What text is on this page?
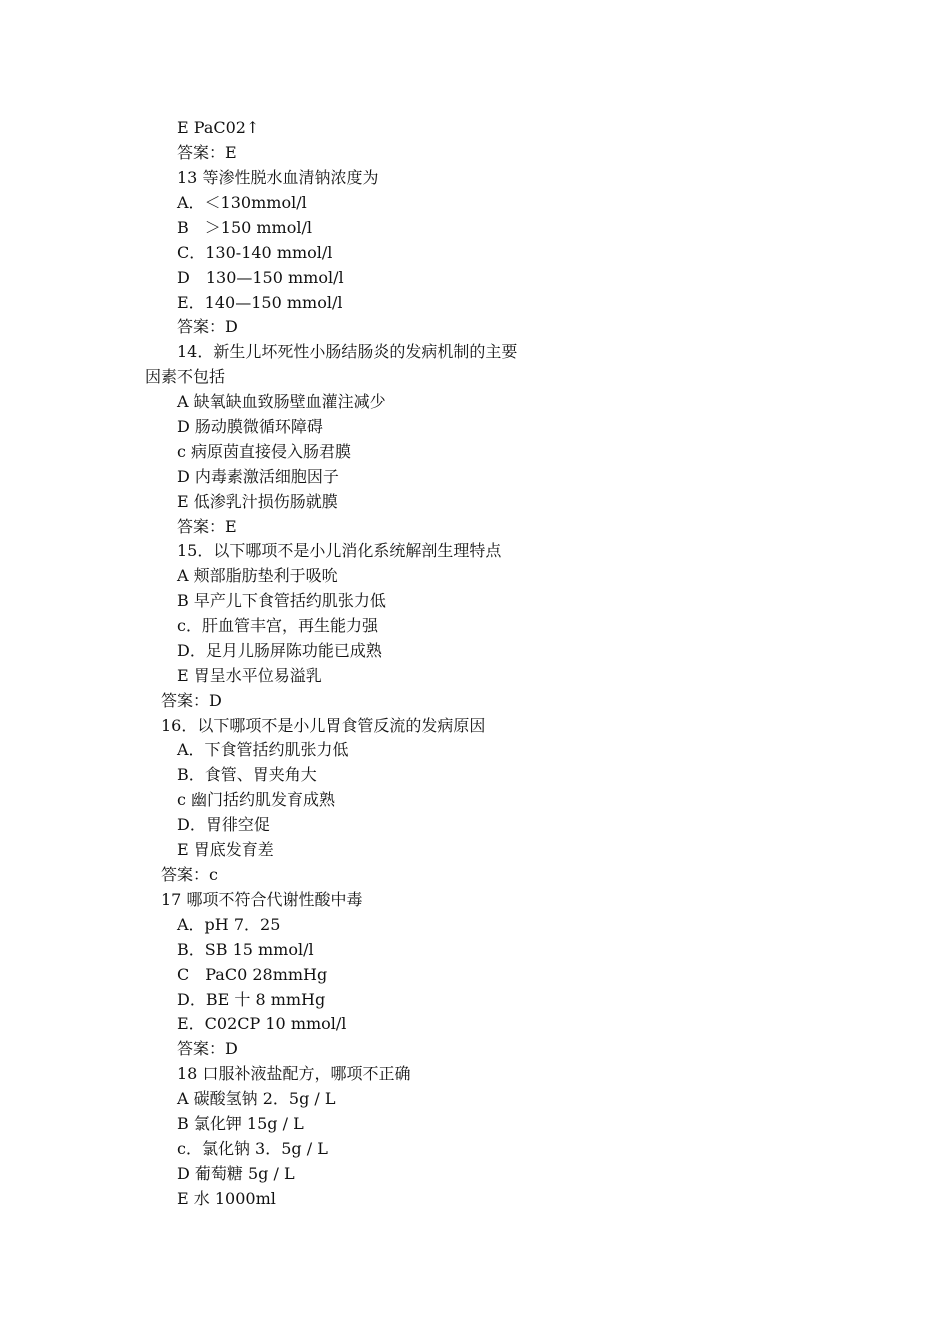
E PaC02↑
答案：E
13 等渗性脱水血清钠浓度为
A．＜130mmol/l
B　＞150 mmol/l
C．130-140 mmol/l
D　130—150 mmol/l
E．140—150 mmol/l
答案：D
14．新生儿坏死性小肠结肠炎的发病机制的主要
因素不包括
A 缺氧缺血致肠壁血灌注减少
D 肠动膜微循环障碍
c 病原茵直接侵入肠君膜
D 内毒素激活细胞因子
E 低渗乳汁损伤肠就膜
答案：E
15．以下哪项不是小儿消化系统解剖生理特点
A 颊部脂肪垫利于吸吮
B 早产儿下食管括约肌张力低
c．肝血管丰宫，再生能力强
D．足月儿肠屏陈功能已成熟
E 胃呈水平位易溢乳
答案：D
16．以下哪项不是小儿胃食管反流的发病原因
A．下食管括约肌张力低
B．食管、胃夹角大
c 幽门括约肌发育成熟
D．胃徘空促
E 胃底发育差
答案：c
17 哪项不符合代谢性酸中毒
A．pH 7．25
B．SB 15 mmol/l
C　PaC0 28mmHg
D．BE 十 8 mmHg
E．C02CP 10 mmol/l
答案：D
18 口服补液盐配方，哪项不正确
A 碳酸氢钠 2．5g / L
B 氯化钾 15g / L
c．氯化钠 3．5g / L
D 葡萄糖 5g / L
E 水 1000ml
